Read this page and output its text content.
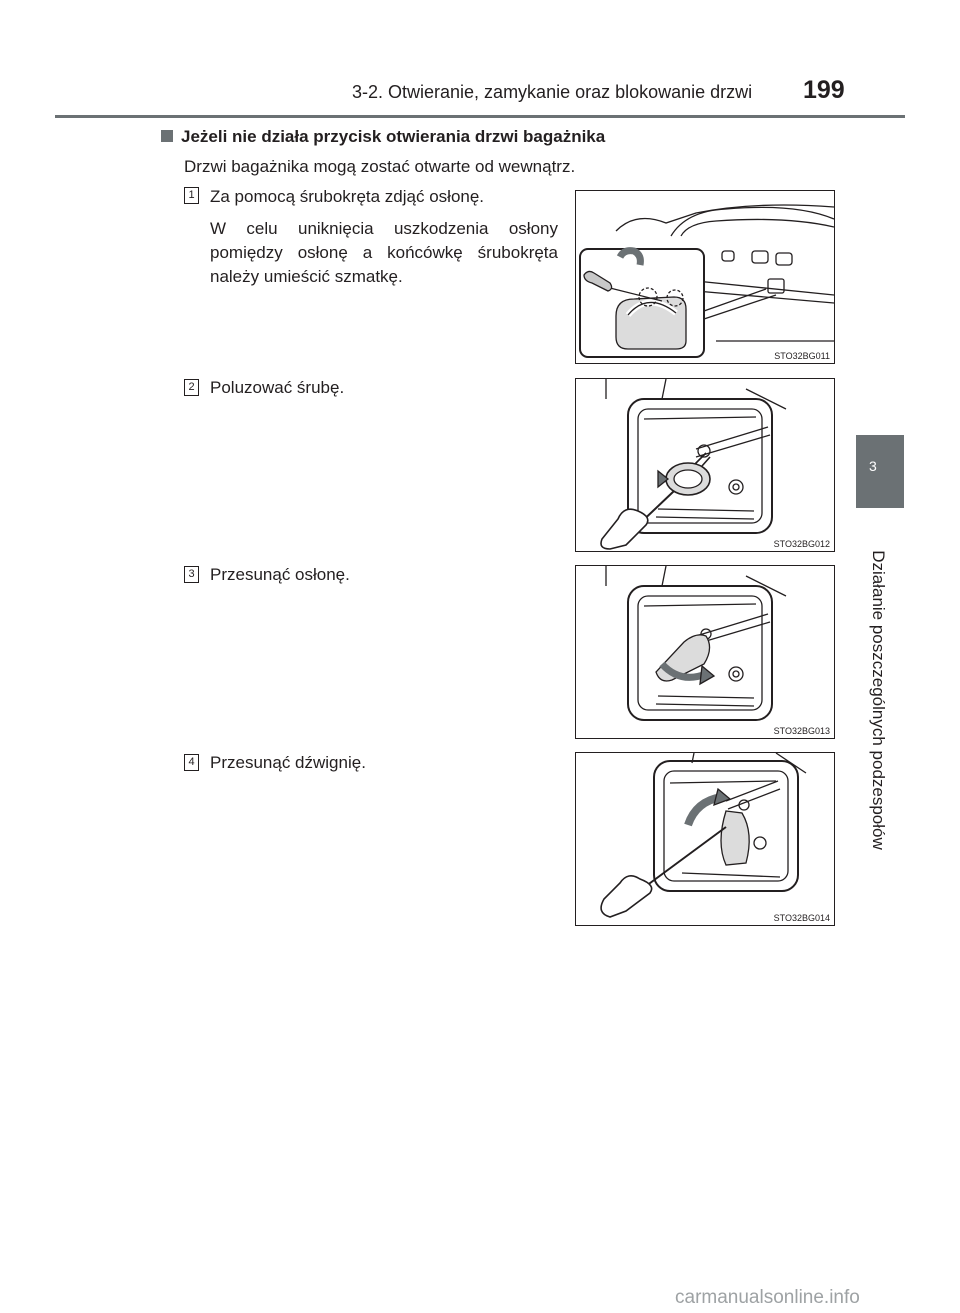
3-2. Otwieranie, zamykanie oraz blokowanie drzwi 199
Jeżeli nie działa przycisk otwierania drzwi bagażnika
Drzwi bagażnika mogą zostać otwarte od wewnątrz.
1 Za pomocą śrubokręta zdjąć osłonę.
W celu uniknięcia uszkodzenia osłony pomiędzy osłonę a końcówkę śrubokręta należy umieścić szmatkę.
2 Poluzować śrubę.
3 Przesunąć osłonę.
4 Przesunąć dźwignię.
STO32BG011
STO32BG012
STO32BG013
STO32BG014
3
Działanie poszczególnych podzespołów
carmanualsonline.info
